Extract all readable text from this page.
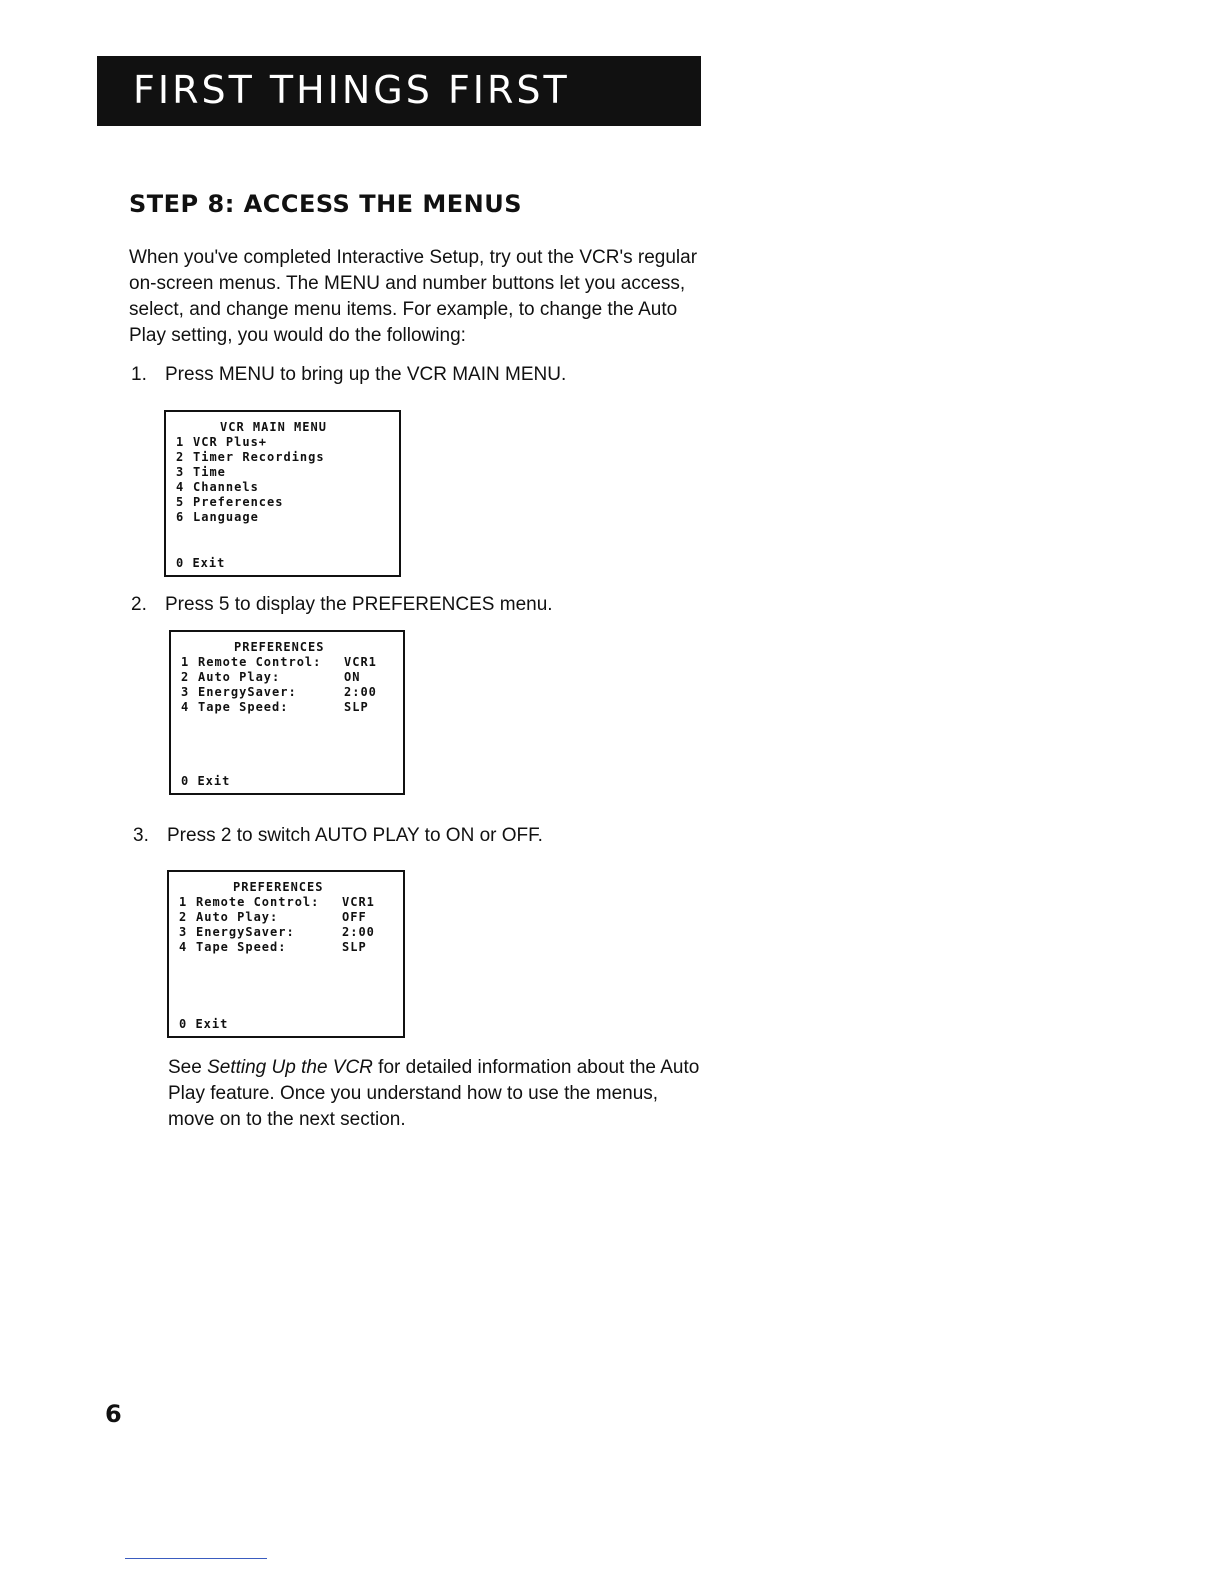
FIRST THINGS FIRST
STEP 8: ACCESS THE MENUS

When you've completed Interactive Setup, try out the VCR's regular on-screen menus. The MENU and number buttons let you access, select, and change menu items. For example, to change the Auto Play setting, you would do the following:

1. Press MENU to bring up the VCR MAIN MENU.

VCR MAIN MENU
1 VCR Plus+
2 Timer Recordings
3 Time
4 Channels
5 Preferences
6 Language
0 Exit

2. Press 5 to display the PREFERENCES menu.

PREFERENCES
1 Remote Control: VCR1
2 Auto Play:	ON
3 EnergySaver:	2:00
4 Tape Speed:	SLP
0 Exit

3. Press 2 to switch AUTO PLAY to ON or OFF.

PREFERENCES
1 Remote Control: VCR1
2 Auto Play:	OFF
3 EnergySaver:	2:00
4 Tape Speed:	SLP
0 Exit

See Setting Up the VCR for detailed information about the Auto Play feature. Once you understand how to use the menus, move on to the next section.

6
